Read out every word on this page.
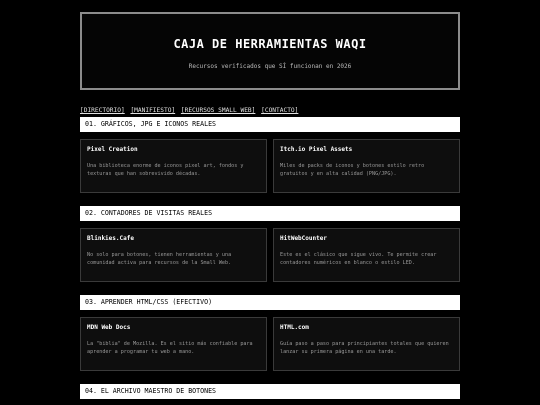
CAJA DE HERRAMIENTAS WAQI
Recursos verificados que SÍ funcionan en 2026
[DIRECTORIO] [MANIFIESTO] [RECURSOS SMALL WEB] [CONTACTO]
01. GRÁFICOS, JPG E ICONOS REALES
Pixel Creation
Una biblioteca enorme de iconos pixel art, fondos y texturas que han sobrevivido décadas.
Itch.io Pixel Assets
Miles de packs de iconos y botones estilo retro gratuitos y en alta calidad (PNG/JPG).
02. CONTADORES DE VISITAS REALES
Blinkies.Cafe
No solo para botones, tienen herramientas y una comunidad activa para recursos de la Small Web.
HitWebCounter
Este es el clásico que sigue vivo. Te permite crear contadores numéricos en blanco o estilo LED.
03. APRENDER HTML/CSS (EFECTIVO)
MDN Web Docs
La "biblia" de Mozilla. Es el sitio más confiable para aprender a programar tu web a mano.
HTML.com
Guía paso a paso para principiantes totales que quieren lanzar su primera página en una tarde.
04. EL ARCHIVO MAESTRO DE BOTONES
